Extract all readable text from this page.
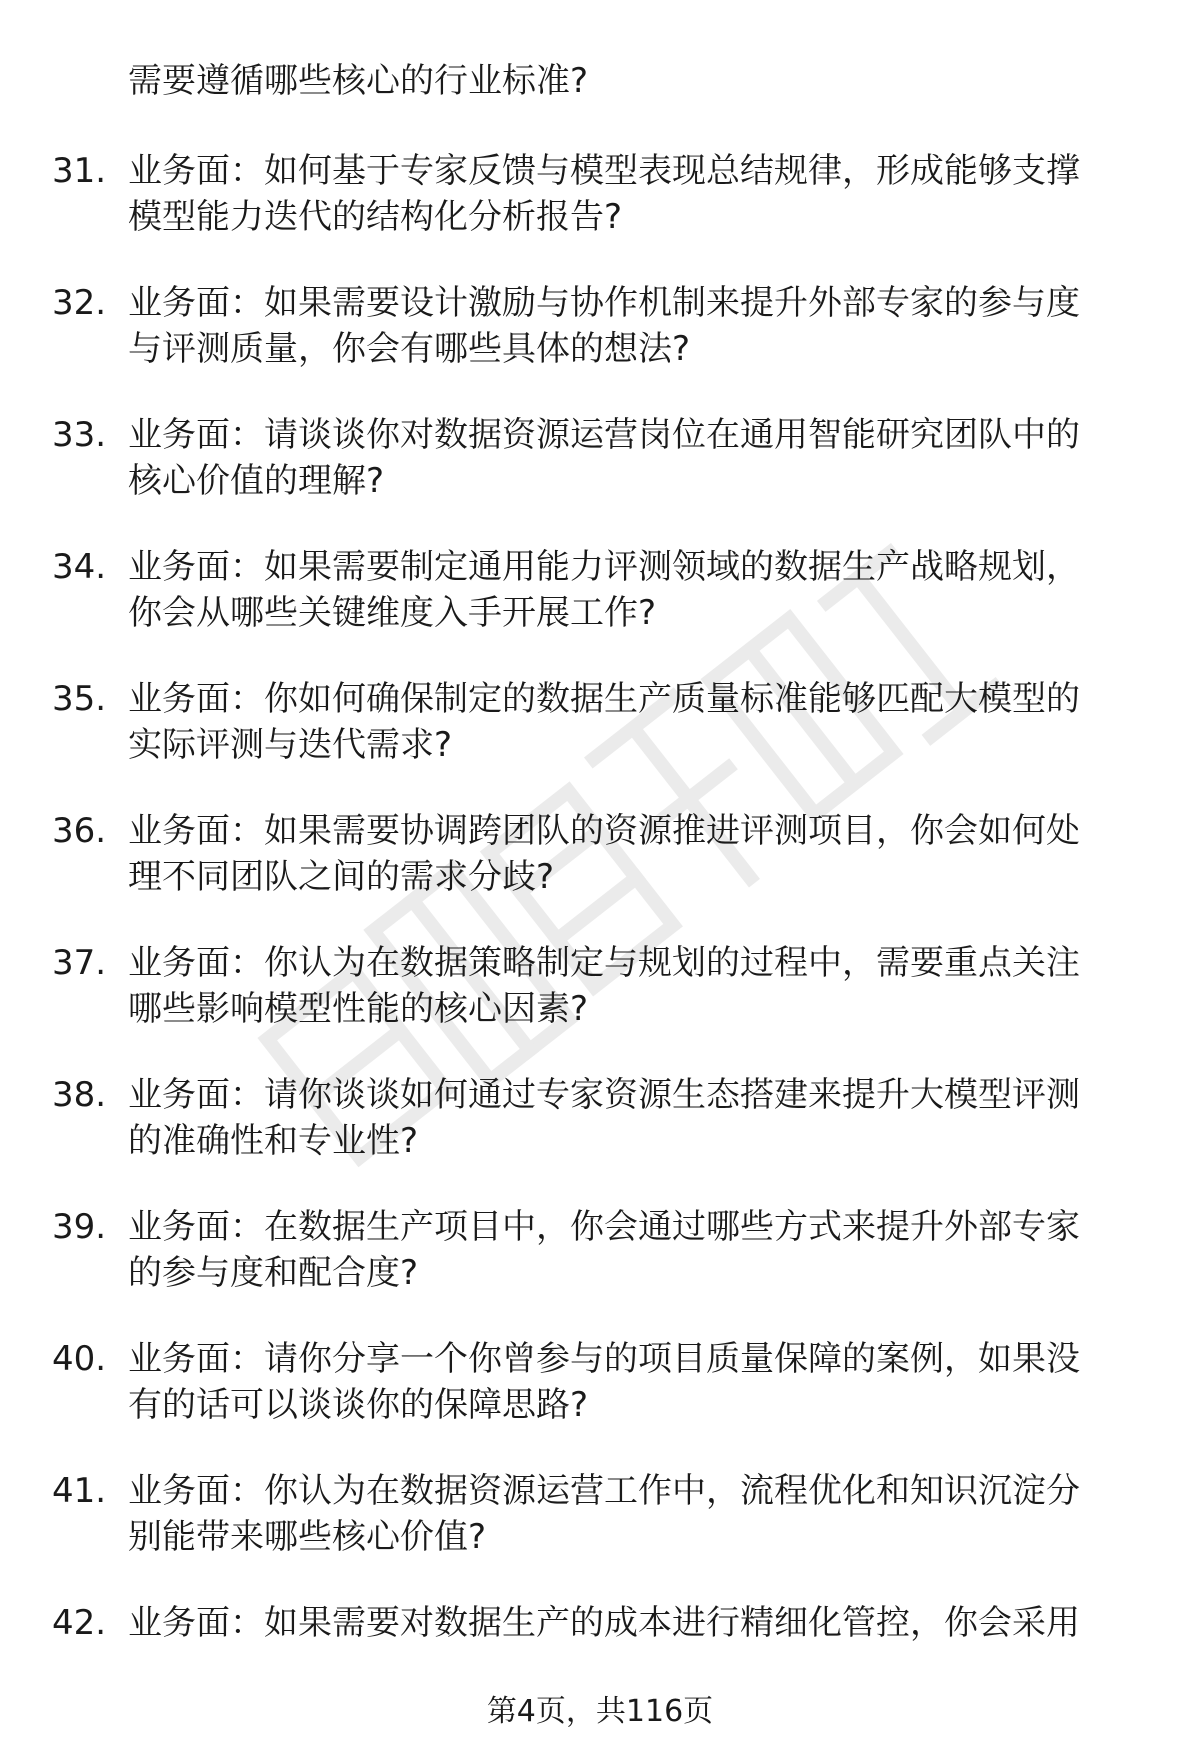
需要遵循哪些核心的行业标准?
31. 业务面：如何基于专家反馈与模型表现总结规律，形成能够支撑
模型能力迭代的结构化分析报告?
32. 业务面：如果需要设计激励与协作机制来提升外部专家的参与度
与评测质量，你会有哪些具体的想法?
33. 业务面：请谈谈你对数据资源运营岗位在通用智能研究团队中的
核心价值的理解?
34. 业务面：如果需要制定通用能力评测领域的数据生产战略规划，
你会从哪些关键维度入手开展工作?
35. 业务面：你如何确保制定的数据生产质量标准能够匹配大模型的
实际评测与迭代需求?
36. 业务面：如果需要协调跨团队的资源推进评测项目，你会如何处
理不同团队之间的需求分歧?
37. 业务面：你认为在数据策略制定与规划的过程中，需要重点关注
哪些影响模型性能的核心因素?
38. 业务面：请你谈谈如何通过专家资源生态搭建来提升大模型评测
的准确性和专业性?
39. 业务面：在数据生产项目中，你会通过哪些方式来提升外部专家
的参与度和配合度?
40. 业务面：请你分享一个你曾参与的项目质量保障的案例，如果没
有的话可以谈谈你的保障思路?
41. 业务面：你认为在数据资源运营工作中，流程优化和知识沉淀分
别能带来哪些核心价值?
42. 业务面：如果需要对数据生产的成本进行精细化管控，你会采用
第4页，共116页
